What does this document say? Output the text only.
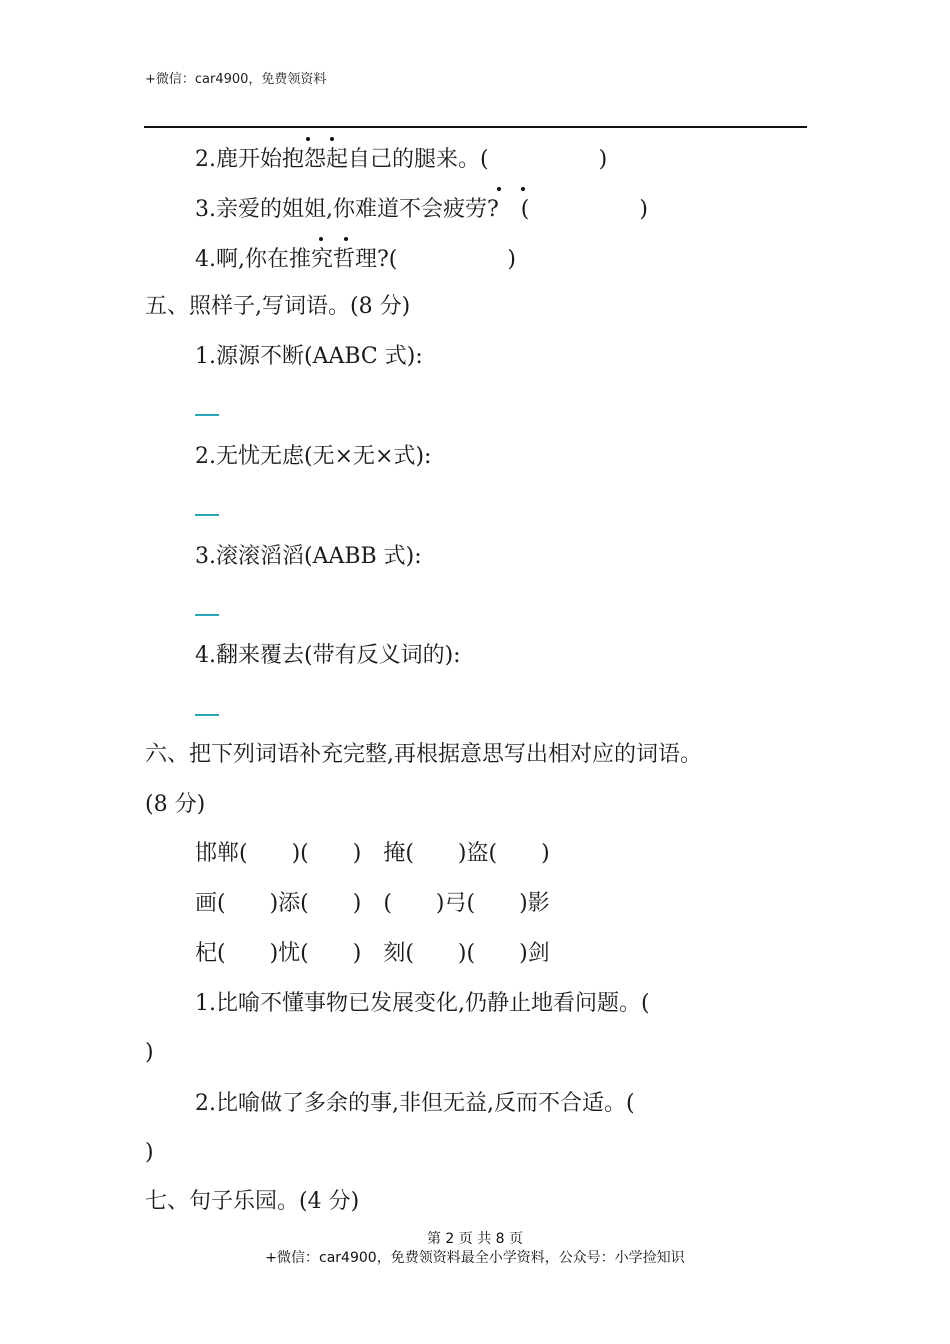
+微信：car4900，免费领资料
2.鹿开始抱怨起自己的腿来。(　　　　　)
3.亲爱的姐姐,你难道不会疲劳?　(　　　　　)
4.啊,你在推究哲理?(　　　　　)
五、照样子,写词语。(8 分)
1.源源不断(AABC 式):
2.无忧无虑(无×无×式):
3.滚滚滔滔(AABB 式):
4.翻来覆去(带有反义词的):
六、把下列词语补充完整,再根据意思写出相对应的词语。
(8 分)
邯郸(　　)(　　)　掩(　　)盗(　　)
画(　　)添(　　)　(　　)弓(　　)影
杞(　　)忧(　　)　刻(　　)(　　)剑
1.比喻不懂事物已发展变化,仍静止地看问题。(
)
2.比喻做了多余的事,非但无益,反而不合适。(
)
七、句子乐园。(4 分)
第 2 页 共 8 页
+微信：car4900，免费领资料最全小学资料，公众号：小学捡知识
